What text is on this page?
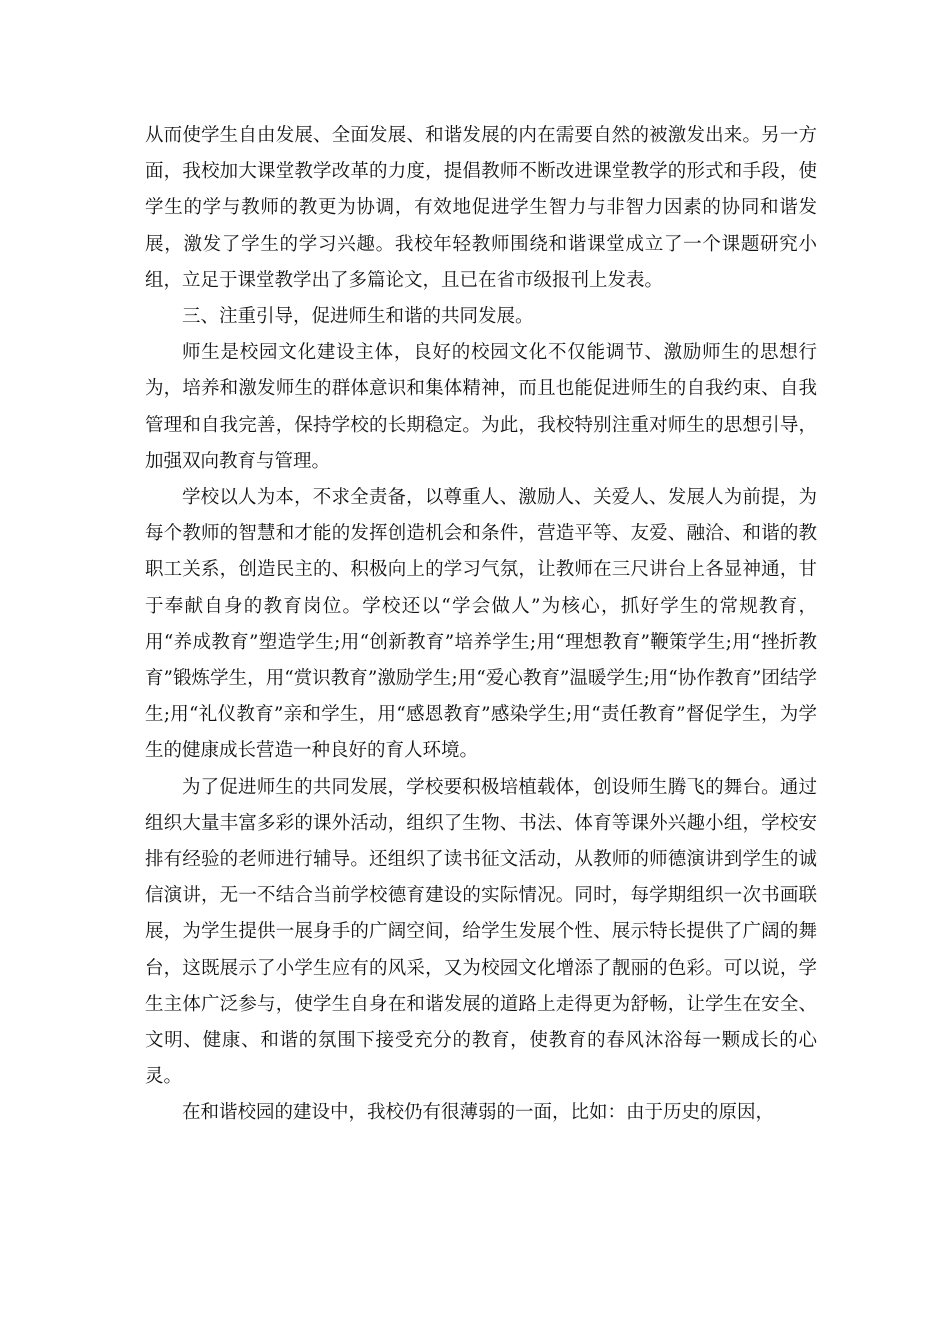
从而使学生自由发展、全面发展、和谐发展的内在需要自然的被激发出来。另一方面，我校加大课堂教学改革的力度，提倡教师不断改进课堂教学的形式和手段，使学生的学与教师的教更为协调，有效地促进学生智力与非智力因素的协同和谐发展，激发了学生的学习兴趣。我校年轻教师围绕和谐课堂成立了一个课题研究小组，立足于课堂教学出了多篇论文，且已在省市级报刊上发表。

三、注重引导，促进师生和谐的共同发展。

师生是校园文化建设主体，良好的校园文化不仅能调节、激励师生的思想行为，培养和激发师生的群体意识和集体精神，而且也能促进师生的自我约束、自我管理和自我完善，保持学校的长期稳定。为此，我校特别注重对师生的思想引导，加强双向教育与管理。

学校以人为本，不求全责备，以尊重人、激励人、关爱人、发展人为前提，为每个教师的智慧和才能的发挥创造机会和条件，营造平等、友爱、融洽、和谐的教职工关系，创造民主的、积极向上的学习气氛，让教师在三尺讲台上各显神通，甘于奉献自身的教育岗位。学校还以“学会做人”为核心，抓好学生的常规教育，用“养成教育”塑造学生;用“创新教育”培养学生;用“理想教育”鞭策学生;用“挫折教育”锻炼学生，用“赏识教育”激励学生;用“爱心教育”温暖学生;用“协作教育”团结学生;用“礼仪教育”亲和学生，用“感恩教育”感染学生;用“责任教育”督促学生，为学生的健康成长营造一种良好的育人环境。

为了促进师生的共同发展，学校要积极培植载体，创设师生腾飞的舞台。通过组织大量丰富多彩的课外活动，组织了生物、书法、体育等课外兴趣小组，学校安排有经验的老师进行辅导。还组织了读书征文活动，从教师的师德演讲到学生的诚信演讲，无一不结合当前学校德育建设的实际情况。同时，每学期组织一次书画联展，为学生提供一展身手的广阔空间，给学生发展个性、展示特长提供了广阔的舞台，这既展示了小学生应有的风采，又为校园文化增添了靓丽的色彩。可以说，学生主体广泛参与，使学生自身在和谐发展的道路上走得更为舒畅，让学生在安全、文明、健康、和谐的氛围下接受充分的教育，使教育的春风沐浴每一颗成长的心灵。

在和谐校园的建设中，我校仍有很薄弱的一面，比如：由于历史的原因，
